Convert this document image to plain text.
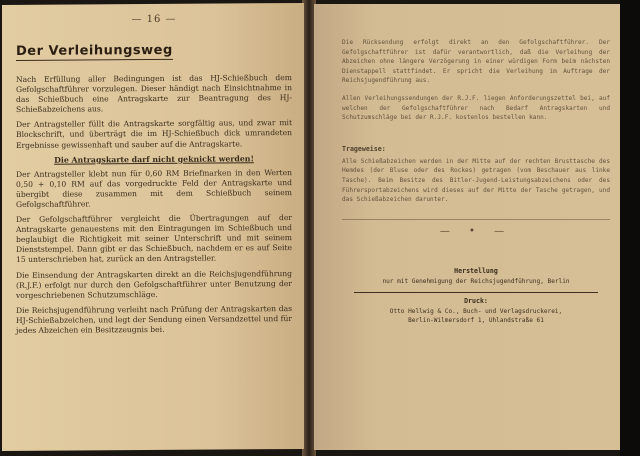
— 16 —
Der Verleihungsweg

Nach Erfüllung aller Bedingungen ist das HJ-Schießbuch dem Gefolgschaftführer vorzulegen. Dieser händigt nach Einsichtnahme in das Schießbuch eine Antragskarte zur Beantragung des HJ-Schießabzeichens aus.

Der Antragsteller füllt die Antragskarte sorgfältig aus, und zwar mit Blockschrift, und überträgt die im HJ-Schießbuch dick umrandeten Ergebnisse gewissenhaft und sauber auf die Antragskarte.

Die Antragskarte darf nicht geknickt werden!

Der Antragsteller klebt nun für 0,60 RM Briefmarken in den Werten 0,50 + 0,10 RM auf das vorgedruckte Feld der Antragskarte und übergibt diese zusammen mit dem Schießbuch seinem Gefolgschaftführer.

Der Gefolgschaftführer vergleicht die Übertragungen auf der Antragskarte genauestens mit den Eintragungen im Schießbuch und beglaubigt die Richtigkeit mit seiner Unterschrift und mit seinem Dienststempel. Dann gibt er das Schießbuch, nachdem er es auf Seite 15 unterschrieben hat, zurück an den Antragsteller.

Die Einsendung der Antragskarten direkt an die Reichsjugendführung (R.J.F.) erfolgt nur durch den Gefolgschaftführer unter Benutzung der vorgeschriebenen Schutzumschläge.

Die Reichsjugendführung verleiht nach Prüfung der Antragskarten das HJ-Schießabzeichen, und legt der Sendung einen Versandzettel und für jedes Abzeichen ein Besitzzeugnis bei.

Die Rücksendung erfolgt direkt an den Gefolgschaftführer. Der Gefolgschaftführer ist dafür verantwortlich, daß die Verleihung der Abzeichen ohne längere Verzögerung in einer würdigen Form beim nächsten Dienstappell stattfindet. Er spricht die Verleihung im Auftrage der Reichsjugendführung aus.

Allen Verleihungssendungen der R.J.F. liegen Anforderungszettel bei, auf welchen der Gefolgschaftführer nach Bedarf Antragskarten und Schutzumschläge bei der R.J.F. kostenlos bestellen kann.

Trageweise:

Alle Schießabzeichen werden in der Mitte auf der rechten Brusttasche des Hemdes (der Bluse oder des Rockes) getragen (vom Beschauer aus linke Tasche). Beim Besitze des Bitler-Jugend-Leistungsabzeichens oder des Führersportabzeichens wird dieses auf der Mitte der Tasche getragen, und das Schießabzeichen darunter.

— • —
Herstellung

nur mit Genehmigung der Reichsjugendführung, Berlin

Druck:

Otto Hellwig & Co., Buch- und Verlagsdruckerei,

Berlin-Wilmersdorf 1, Uhlandstraße 61
